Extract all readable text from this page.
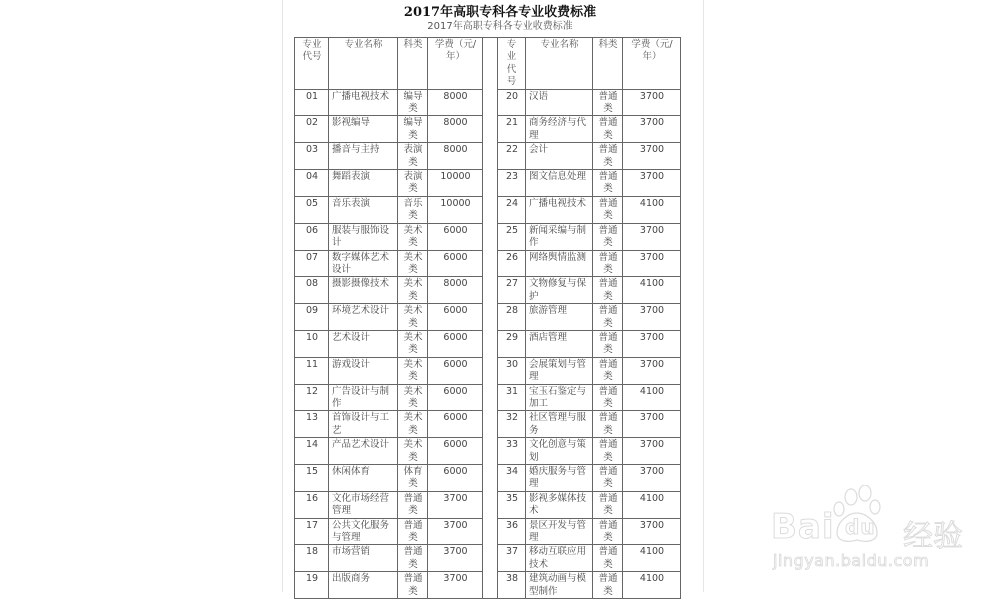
2017年高职专科各专业收费标准
2017年高职专科各专业收费标准
专业代号	专业名称	科类	学费（元/年）		专业代号	专业名称	科类	学费（元/年）
01	广播电视技术	编导类	8000		20	汉语	普通类	3700
02	影视编导	编导类	8000		21	商务经济与代理	普通类	3700
03	播音与主持	表演类	8000		22	会计	普通类	3700
04	舞蹈表演	表演类	10000		23	图文信息处理	普通类	3700
05	音乐表演	音乐类	10000		24	广播电视技术	普通类	4100
06	服装与服饰设计	美术类	6000		25	新闻采编与制作	普通类	3700
07	数字媒体艺术设计	美术类	6000		26	网络舆情监测	普通类	3700
08	摄影摄像技术	美术类	8000		27	文物修复与保护	普通类	4100
09	环境艺术设计	美术类	6000		28	旅游管理	普通类	3700
10	艺术设计	美术类	6000		29	酒店管理	普通类	3700
11	游戏设计	美术类	6000		30	会展策划与管理	普通类	3700
12	广告设计与制作	美术类	6000		31	宝玉石鉴定与加工	普通类	4100
13	首饰设计与工艺	美术类	6000		32	社区管理与服务	普通类	3700
14	产品艺术设计	美术类	6000		33	文化创意与策划	普通类	3700
15	休闲体育	体育类	6000		34	婚庆服务与管理	普通类	3700
16	文化市场经营管理	普通类	3700		35	影视多媒体技术	普通类	4100
17	公共文化服务与管理	普通类	3700		36	景区开发与管理	普通类	3700
18	市场营销	普通类	3700		37	移动互联应用技术	普通类	4100
19	出版商务	普通类	3700		38	建筑动画与模型制作	普通类	4100
Bai du 经验
jingyan.baidu.com
